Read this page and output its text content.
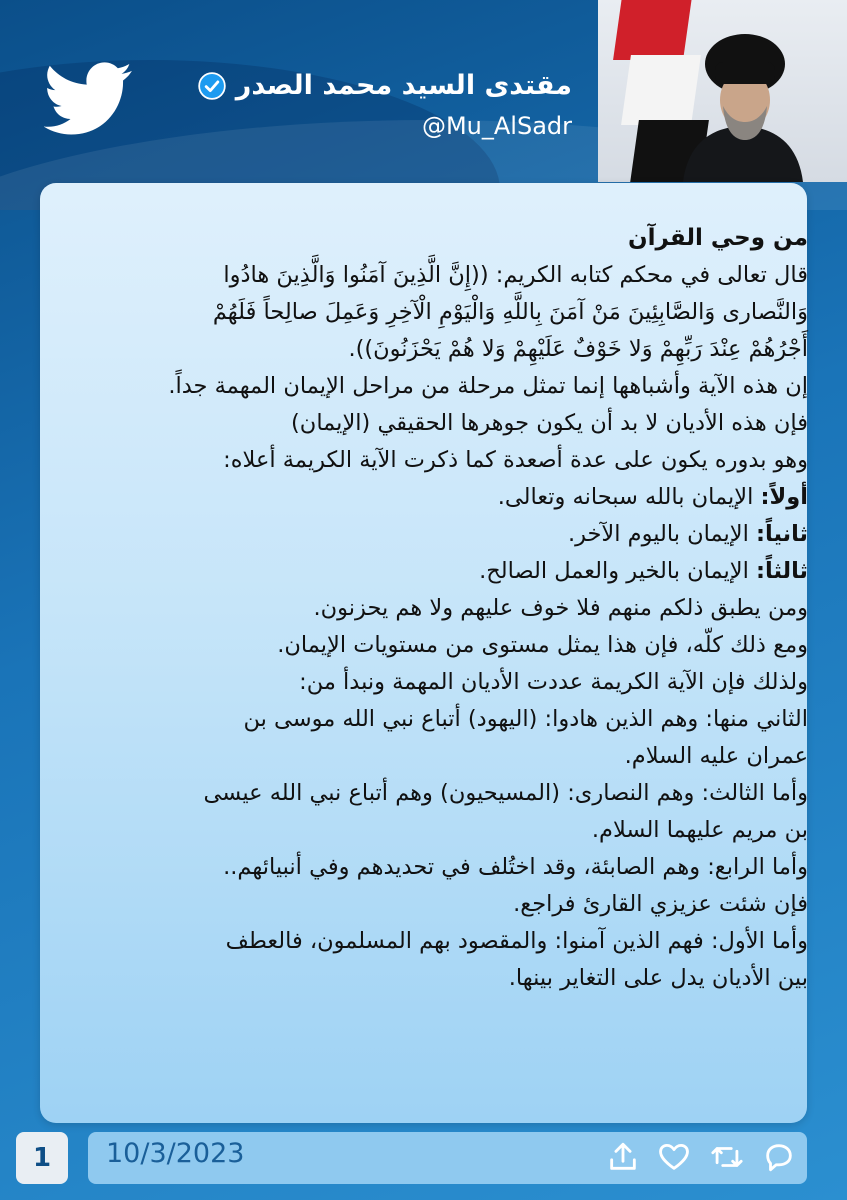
مقتدى السيد محمد الصدر
@Mu_AlSadr

من وحي القرآن

قال تعالى في محكم كتابه الكريم: ((إِنَّ الَّذِينَ آمَنُوا وَالَّذِينَ هادُوا

وَالنَّصارى وَالصَّابِئِينَ مَنْ آمَنَ بِاللَّهِ وَالْيَوْمِ الْآخِرِ وَعَمِلَ صالِحاً فَلَهُمْ

أَجْرُهُمْ عِنْدَ رَبِّهِمْ وَلا خَوْفٌ عَلَيْهِمْ وَلا هُمْ يَحْزَنُونَ)).

إن هذه الآية وأشباهها إنما تمثل مرحلة من مراحل الإيمان المهمة جداً.

فإن هذه الأديان لا بد أن يكون جوهرها الحقيقي (الإيمان)

وهو بدوره يكون على عدة أصعدة كما ذكرت الآية الكريمة أعلاه:

أولاً: الإيمان بالله سبحانه وتعالى.

ثانياً: الإيمان باليوم الآخر.

ثالثاً: الإيمان بالخير والعمل الصالح.

ومن يطبق ذلكم منهم فلا خوف عليهم ولا هم يحزنون.

ومع ذلك كلّه، فإن هذا يمثل مستوى من مستويات الإيمان.

ولذلك فإن الآية الكريمة عددت الأديان المهمة ونبدأ من:

الثاني منها: وهم الذين هادوا: (اليهود) أتباع نبي الله موسى بن

عمران عليه السلام.

وأما الثالث: وهم النصارى: (المسيحيون) وهم أتباع نبي الله عيسى

بن مريم عليهما السلام.

وأما الرابع: وهم الصابئة، وقد اختُلف في تحديدهم وفي أنبيائهم..

فإن شئت عزيزي القارئ فراجع.

وأما الأول: فهم الذين آمنوا: والمقصود بهم المسلمون، فالعطف

بين الأديان يدل على التغاير بينها.

1	10/3/2023
